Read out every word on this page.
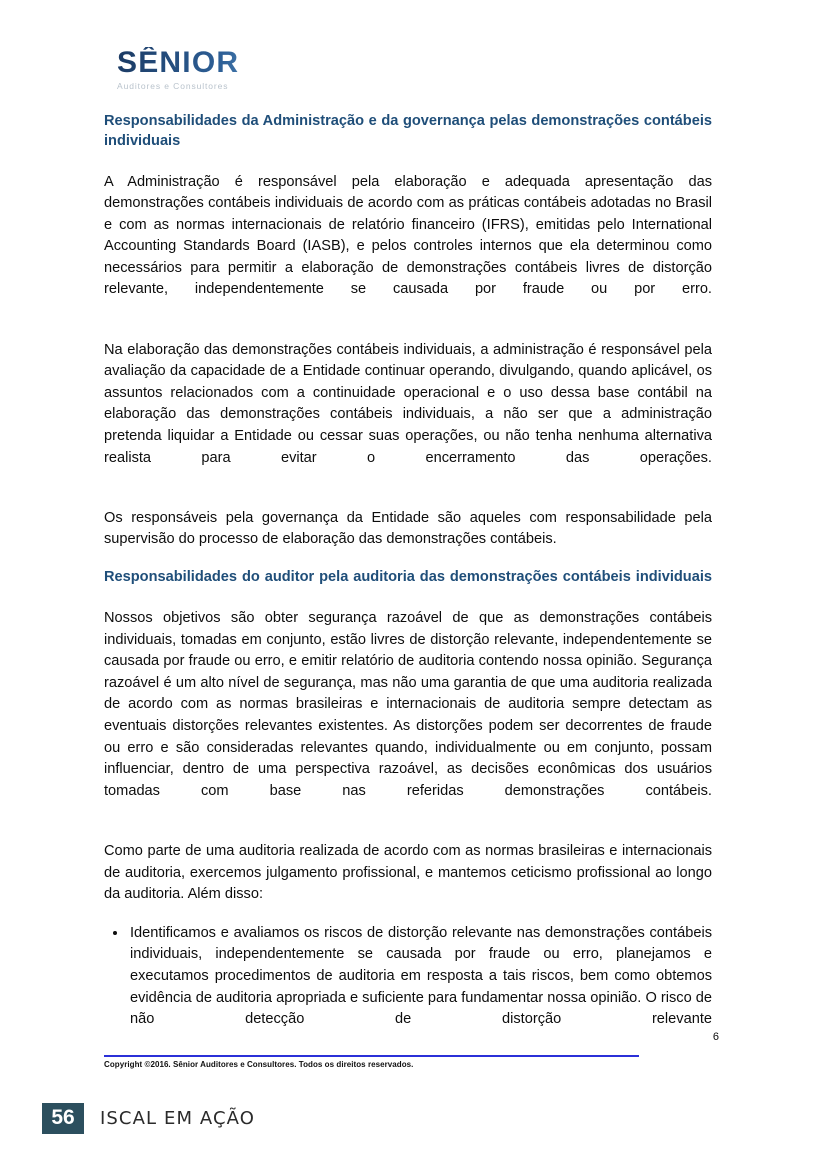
SÊNIOR
Auditores e Consultores
Responsabilidades da Administração e da governança pelas demonstrações contábeis individuais

A Administração é responsável pela elaboração e adequada apresentação das demonstrações contábeis individuais de acordo com as práticas contábeis adotadas no Brasil e com as normas internacionais de relatório financeiro (IFRS), emitidas pelo International Accounting Standards Board (IASB), e pelos controles internos que ela determinou como necessários para permitir a elaboração de demonstrações contábeis livres de distorção relevante, independentemente se causada por fraude ou por erro.

Na elaboração das demonstrações contábeis individuais, a administração é responsável pela avaliação da capacidade de a Entidade continuar operando, divulgando, quando aplicável, os assuntos relacionados com a continuidade operacional e o uso dessa base contábil na elaboração das demonstrações contábeis individuais, a não ser que a administração pretenda liquidar a Entidade ou cessar suas operações, ou não tenha nenhuma alternativa realista para evitar o encerramento das operações.

Os responsáveis pela governança da Entidade são aqueles com responsabilidade pela supervisão do processo de elaboração das demonstrações contábeis.

Responsabilidades do auditor pela auditoria das demonstrações contábeis individuais

Nossos objetivos são obter segurança razoável de que as demonstrações contábeis individuais, tomadas em conjunto, estão livres de distorção relevante, independentemente se causada por fraude ou erro, e emitir relatório de auditoria contendo nossa opinião. Segurança razoável é um alto nível de segurança, mas não uma garantia de que uma auditoria realizada de acordo com as normas brasileiras e internacionais de auditoria sempre detectam as eventuais distorções relevantes existentes. As distorções podem ser decorrentes de fraude ou erro e são consideradas relevantes quando, individualmente ou em conjunto, possam influenciar, dentro de uma perspectiva razoável, as decisões econômicas dos usuários tomadas com base nas referidas demonstrações contábeis.

Como parte de uma auditoria realizada de acordo com as normas brasileiras e internacionais de auditoria, exercemos julgamento profissional, e mantemos ceticismo profissional ao longo da auditoria. Além disso:

Identificamos e avaliamos os riscos de distorção relevante nas demonstrações contábeis individuais, independentemente se causada por fraude ou erro, planejamos e executamos procedimentos de auditoria em resposta a tais riscos, bem como obtemos evidência de auditoria apropriada e suficiente para fundamentar nossa opinião. O risco de não detecção de distorção relevante
6
Copyright ©2016. Sênior Auditores e Consultores. Todos os direitos reservados.
56	ISCAL EM AÇÃO
